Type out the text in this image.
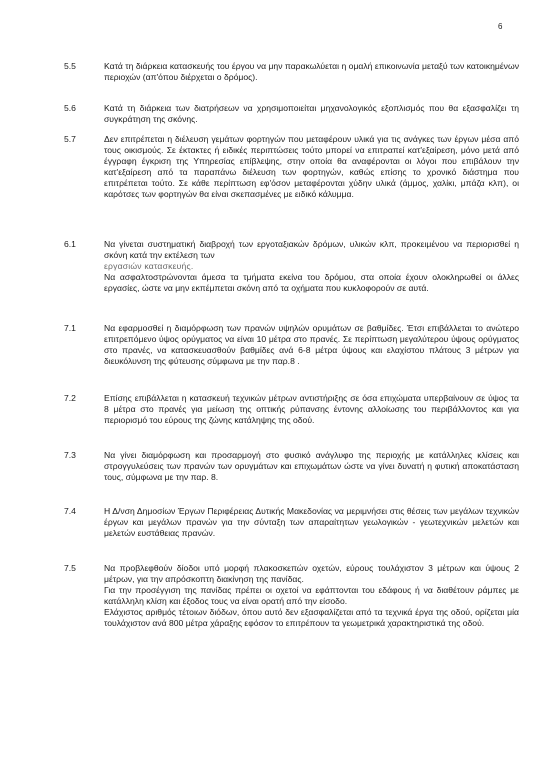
6
5.5	Κατά τη διάρκεια κατασκευής του έργου να μην παρακωλύεται η ομαλή επικοινωνία μεταξύ των κατοικημένων περιοχών (απ'όπου διέρχεται ο δρόμος).

5.6	Κατά τη διάρκεια των διατρήσεων να χρησιμοποιείται μηχανολογικός εξοπλισμός που θα εξασφαλίζει τη συγκράτηση της σκόνης.

5.7	Δεν επιτρέπεται η διέλευση γεμάτων φορτηγών που μεταφέρουν υλικά για τις ανάγκες των έργων μέσα από τους οικισμούς. Σε έκτακτες ή ειδικές περιπτώσεις τούτο μπορεί να επιτραπεί κατ'εξαίρεση, μόνο μετά από έγγραφη έγκριση της Υπηρεσίας επίβλεψης, στην οποία θα αναφέρονται οι λόγοι που επιβάλουν την κατ'εξαίρεση από τα παραπάνω διέλευση των φορτηγών, καθώς επίσης το χρονικό διάστημα που επιτρέπεται τούτο. Σε κάθε περίπτωση εφ'όσον μεταφέρονται χύδην υλικά (άμμος, χαλίκι, μπάζα κλπ), οι καρότσες των φορτηγών θα είναι σκεπασμένες με ειδικό κάλυμμα.

6.1	Να γίνεται συστηματική διαβροχή των εργοταξιακών δρόμων, υλικών κλπ, προκειμένου να περιορισθεί η σκόνη κατά την εκτέλεση των

εργασιών κατασκευής.

Να ασφαλτοστρώνονται άμεσα τα τμήματα εκείνα του δρόμου, στα οποία έχουν ολοκληρωθεί οι άλλες εργασίες, ώστε να μην εκπέμπεται σκόνη από τα οχήματα που κυκλοφορούν σε αυτά.

7.1	Να εφαρμοσθεί η διαμόρφωση των πρανών υψηλών ορυμάτων σε βαθμίδες. Έτσι επιβάλλεται το ανώτερο επιτρεπόμενο ύψος ορύγματος να είναι 10 μέτρα στο πρανές. Σε περίπτωση μεγαλύτερου ύψους ορύγματος στο πρανές, να κατασκευασθούν βαθμίδες ανά 6-8 μέτρα ύψους και ελαχίστου πλάτους 3 μέτρων για διευκόλυνση της φύτευσης σύμφωνα με την παρ.8 .

7.2	Επίσης επιβάλλεται η κατασκευή τεχνικών μέτρων αντιστήριξης σε όσα επιχώματα υπερβαίνουν σε ύψος τα 8 μέτρα στο πρανές για μείωση της οπτικής ρύπανσης έντονης αλλοίωσης του περιβάλλοντος και για περιορισμό του εύρους της ζώνης κατάληψης της οδού.

7.3	Να γίνει διαμόρφωση και προσαρμογή στο φυσικό ανάγλυφο της περιοχής με κατάλληλες κλίσεις και στρογγυλεύσεις των πρανών των ορυγμάτων και επιχωμάτων ώστε να γίνει δυνατή η φυτική αποκατάσταση τους, σύμφωνα με την παρ. 8.

7.4	Η Δ/νση Δημοσίων Έργων Περιφέρειας Δυτικής Μακεδονίας να μεριμνήσει στις θέσεις των μεγάλων τεχνικών έργων και μεγάλων πρανών για την σύνταξη των απαραίτητων γεωλογικών - γεωτεχνικών μελετών και μελετών ευστάθειας πρανών.

7.5	Να προβλεφθούν δίοδοι υπό μορφή πλακοσκεπών οχετών, εύρους τουλάχιστον 3 μέτρων και ύψους 2 μέτρων, για την απρόσκοπτη διακίνηση της πανίδας.

Για την προσέγγιση της πανίδας πρέπει οι οχετοί να εφάπτονται του εδάφους ή να διαθέτουν ράμπες με κατάλληλη κλίση και έξοδος τους να είναι ορατή από την είσοδο.

Ελάχιστος αριθμός τέτοιων διόδων, όπου αυτό δεν εξασφαλίζεται από τα τεχνικά έργα της οδού, ορίζεται μία τουλάχιστον ανά 800 μέτρα χάραξης εφόσον το επιτρέπουν τα γεωμετρικά χαρακτηριστικά της οδού.
